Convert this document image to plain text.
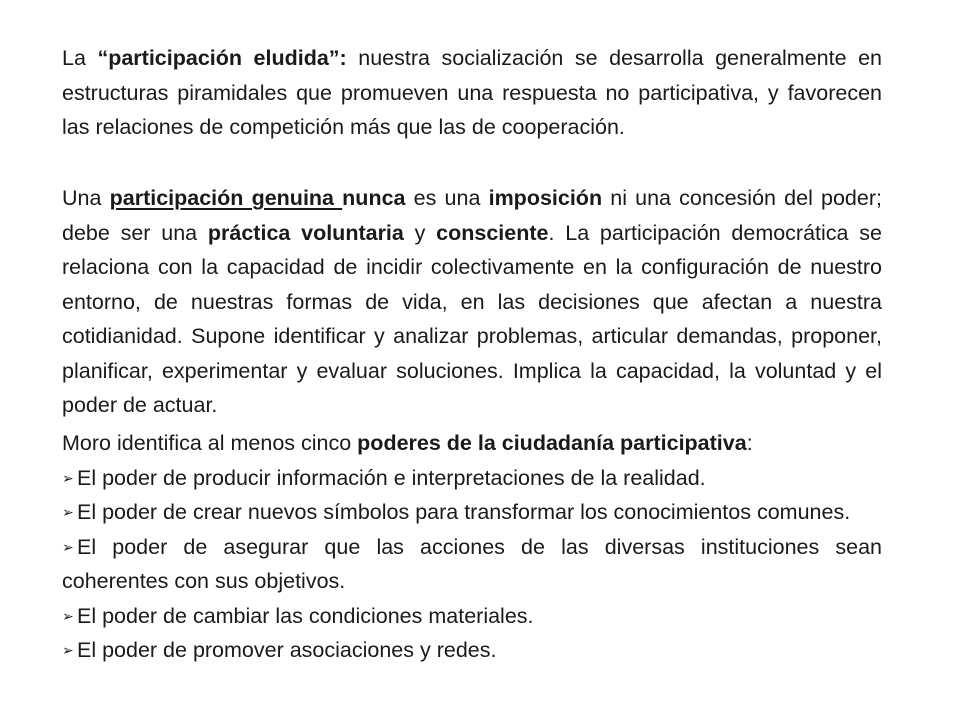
La “participación eludida”: nuestra socialización se desarrolla generalmente en estructuras piramidales que promueven una respuesta no participativa, y favorecen las relaciones de competición más que las de cooperación.

Una participación genuina nunca es una imposición ni una concesión del poder; debe ser una práctica voluntaria y consciente. La participación democrática se relaciona con la capacidad de incidir colectivamente en la configuración de nuestro entorno, de nuestras formas de vida, en las decisiones que afectan a nuestra cotidianidad. Supone identificar y analizar problemas, articular demandas, proponer, planificar, experimentar y evaluar soluciones. Implica la capacidad, la voluntad y el poder de actuar.

Moro identifica al menos cinco poderes de la ciudadanía participativa:
➢ El poder de producir información e interpretaciones de la realidad.
➢ El poder de crear nuevos símbolos para transformar los conocimientos comunes.
➢ El poder de asegurar que las acciones de las diversas instituciones sean coherentes con sus objetivos.
➢ El poder de cambiar las condiciones materiales.
➢ El poder de promover asociaciones y redes.
